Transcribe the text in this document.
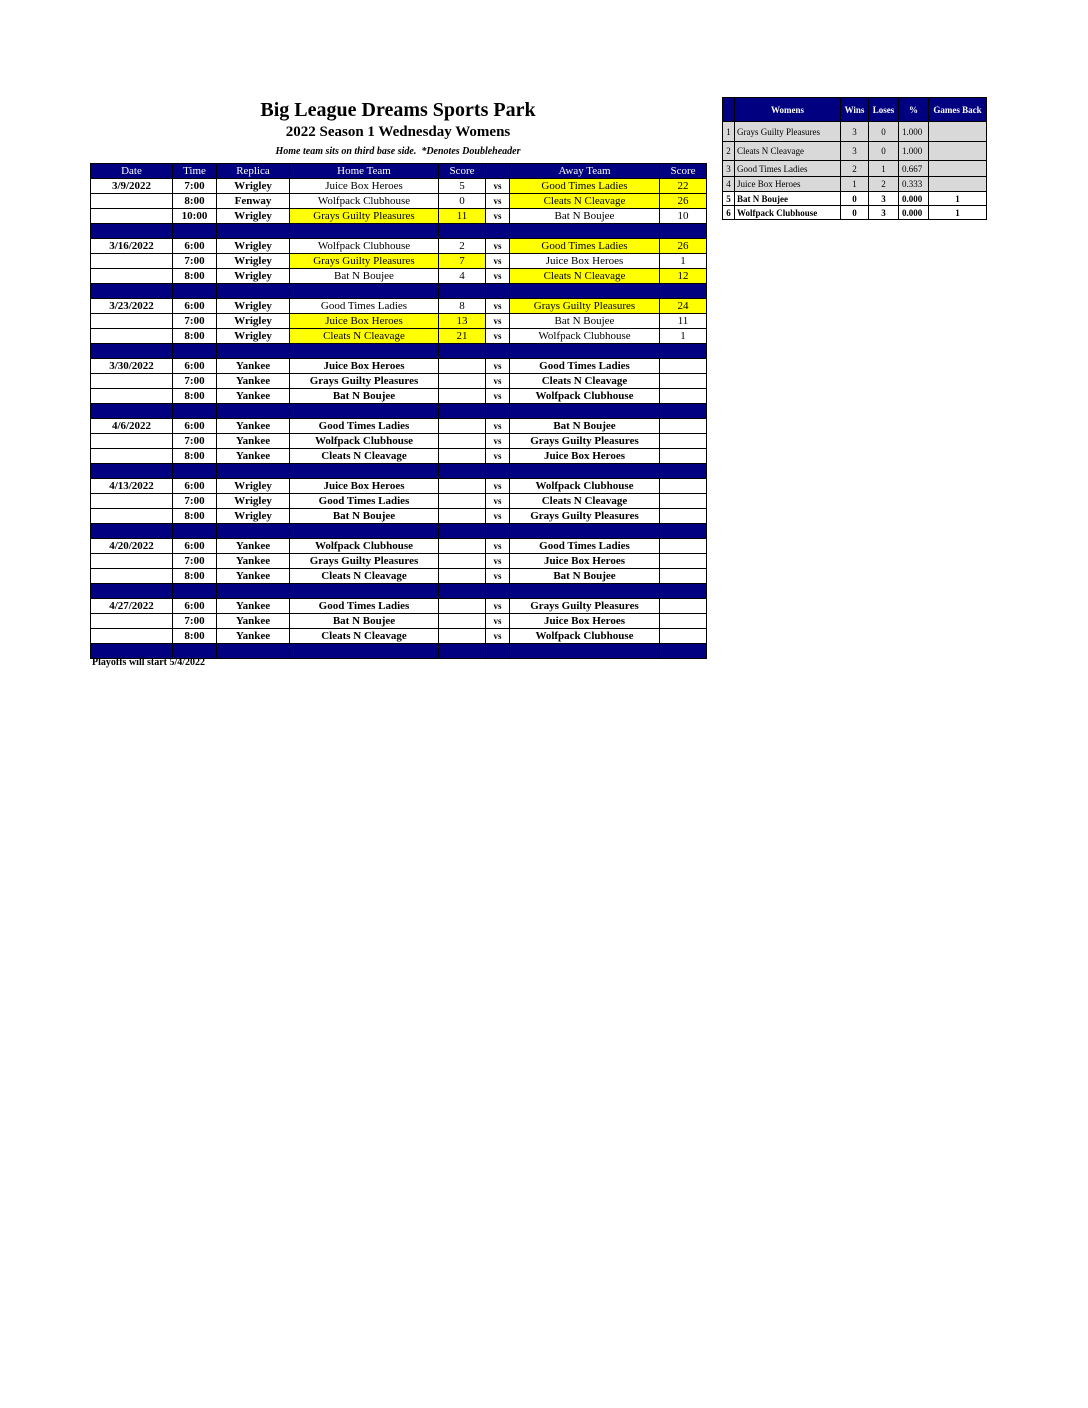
Big League Dreams Sports Park
2022 Season 1 Wednesday Womens
Home team sits on third base side.  *Denotes Doubleheader
Date	Time	Replica	Home Team	Score		Away Team	Score
3/9/2022	7:00	Wrigley	Juice Box Heroes	5	vs	Good Times Ladies	22
	8:00	Fenway	Wolfpack Clubhouse	0	vs	Cleats N Cleavage	26
	10:00	Wrigley	Grays Guilty Pleasures	11	vs	Bat N Boujee	10

3/16/2022	6:00	Wrigley	Wolfpack Clubhouse	2	vs	Good Times Ladies	26
	7:00	Wrigley	Grays Guilty Pleasures	7	vs	Juice Box Heroes	1
	8:00	Wrigley	Bat N Boujee	4	vs	Cleats N Cleavage	12

3/23/2022	6:00	Wrigley	Good Times Ladies	8	vs	Grays Guilty Pleasures	24
	7:00	Wrigley	Juice Box Heroes	13	vs	Bat N Boujee	11
	8:00	Wrigley	Cleats N Cleavage	21	vs	Wolfpack Clubhouse	1

3/30/2022	6:00	Yankee	Juice Box Heroes		vs	Good Times Ladies	
	7:00	Yankee	Grays Guilty Pleasures		vs	Cleats N Cleavage	
	8:00	Yankee	Bat N Boujee		vs	Wolfpack Clubhouse	

4/6/2022	6:00	Yankee	Good Times Ladies		vs	Bat N Boujee	
	7:00	Yankee	Wolfpack Clubhouse		vs	Grays Guilty Pleasures	
	8:00	Yankee	Cleats N Cleavage		vs	Juice Box Heroes	

4/13/2022	6:00	Wrigley	Juice Box Heroes		vs	Wolfpack Clubhouse	
	7:00	Wrigley	Good Times Ladies		vs	Cleats N Cleavage	
	8:00	Wrigley	Bat N Boujee		vs	Grays Guilty Pleasures	

4/20/2022	6:00	Yankee	Wolfpack Clubhouse		vs	Good Times Ladies	
	7:00	Yankee	Grays Guilty Pleasures		vs	Juice Box Heroes	
	8:00	Yankee	Cleats N Cleavage		vs	Bat N Boujee	

4/27/2022	6:00	Yankee	Good Times Ladies		vs	Grays Guilty Pleasures	
	7:00	Yankee	Bat N Boujee		vs	Juice Box Heroes	
	8:00	Yankee	Cleats N Cleavage		vs	Wolfpack Clubhouse	

Playoffs will start 5/4/2022
	Womens	Wins	Loses	%	Games Back
1	Grays Guilty Pleasures	3	0	1.000	
2	Cleats N Cleavage	3	0	1.000	
3	Good Times Ladies	2	1	0.667	
4	Juice Box Heroes	1	2	0.333	
5	Bat N Boujee	0	3	0.000	1
6	Wolfpack Clubhouse	0	3	0.000	1
